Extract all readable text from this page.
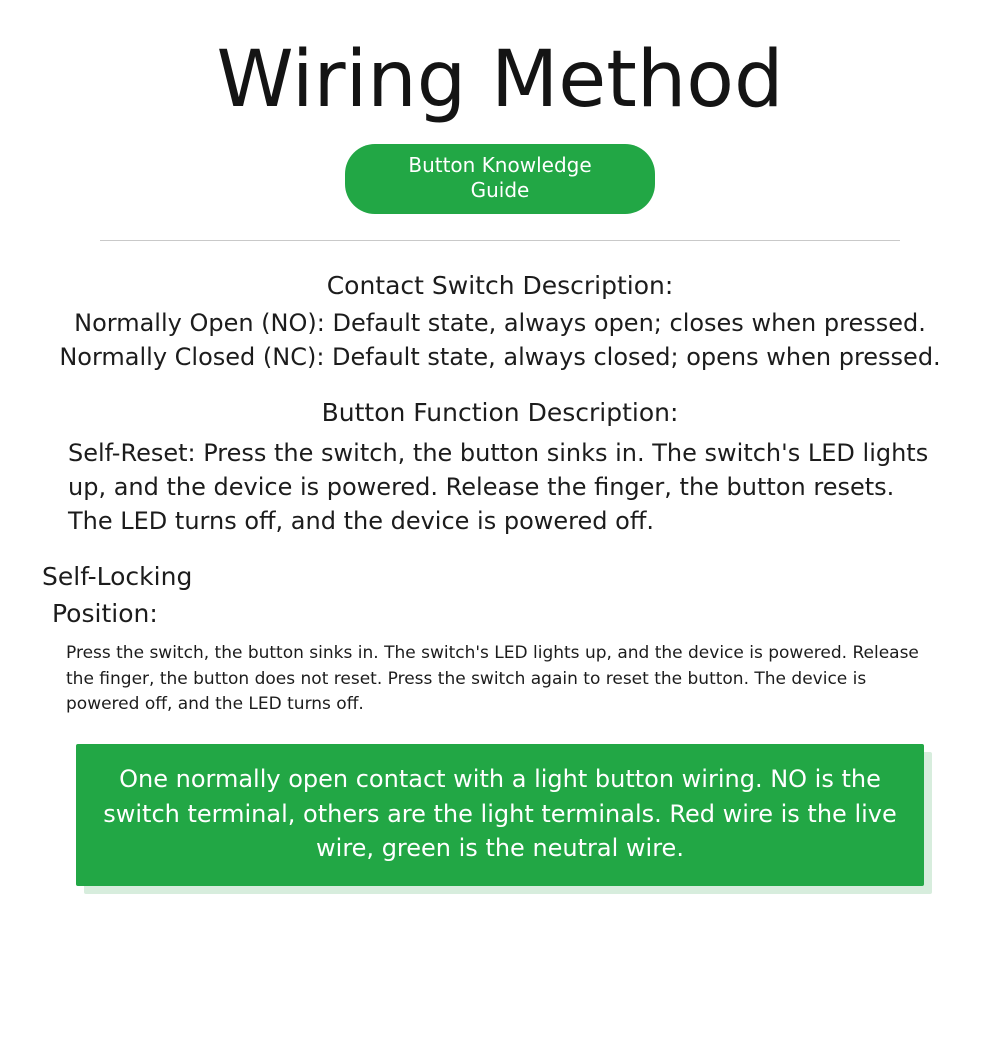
Wiring Method
Button Knowledge Guide
Contact Switch Description:
Normally Open (NO): Default state, always open; closes when pressed. Normally Closed (NC): Default state, always closed; opens when pressed.
Button Function Description:
Self-Reset: Press the switch, the button sinks in. The switch's LED lights up, and the device is powered. Release the finger, the button resets. The LED turns off, and the device is powered off.
Self-Locking
Position:
Press the switch, the button sinks in. The switch's LED lights up, and the device is powered. Release the finger, the button does not reset. Press the switch again to reset the button. The device is powered off, and the LED turns off.
One normally open contact with a light button wiring. NO is the switch terminal, others are the light terminals. Red wire is the live wire, green is the neutral wire.
